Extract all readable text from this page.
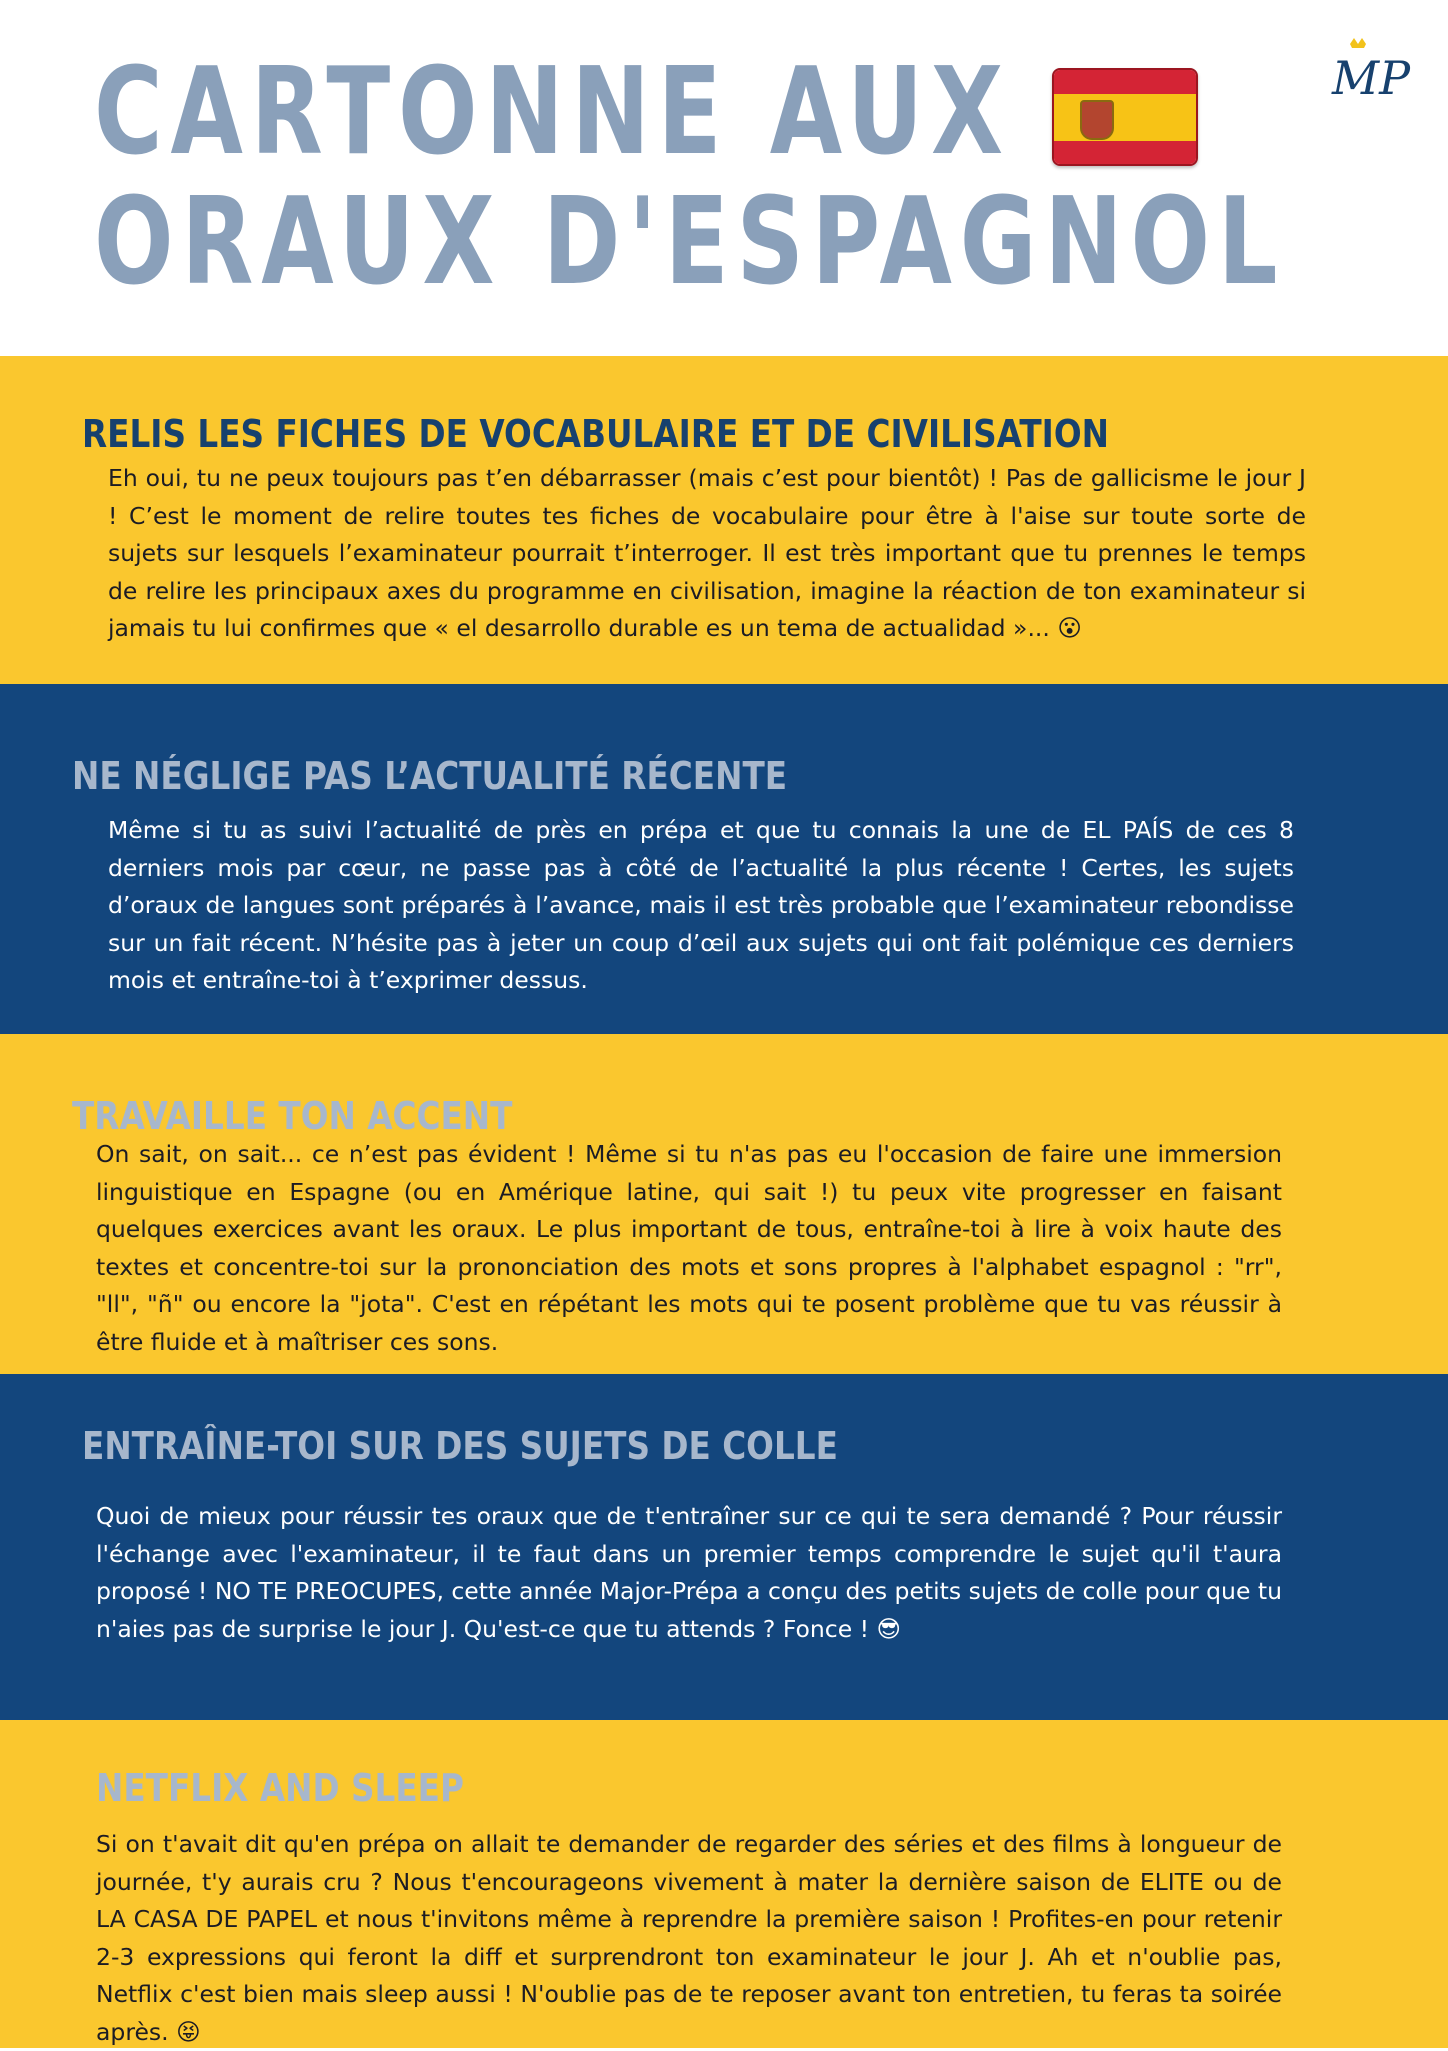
CARTONNE AUX
ORAUX D'ESPAGNOL
MP
RELIS LES FICHES DE VOCABULAIRE ET DE CIVILISATION

Eh oui, tu ne peux toujours pas t’en débarrasser (mais c’est pour bientôt) ! Pas de gallicisme le jour J ! C’est le moment de relire toutes tes fiches de vocabulaire pour être à l'aise sur toute sorte de sujets sur lesquels l’examinateur pourrait t’interroger. Il est très important que tu prennes le temps de relire les principaux axes du programme en civilisation, imagine la réaction de ton examinateur si jamais tu lui confirmes que « el desarrollo durable es un tema de actualidad »... 😮

NE NÉGLIGE PAS L’ACTUALITÉ RÉCENTE

Même si tu as suivi l’actualité de près en prépa et que tu connais la une de EL PAÍS de ces 8 derniers mois par cœur, ne passe pas à côté de l’actualité la plus récente ! Certes, les sujets d’oraux de langues sont préparés à l’avance, mais il est très probable que l’examinateur rebondisse sur un fait récent. N’hésite pas à jeter un coup d’œil aux sujets qui ont fait polémique ces derniers mois et entraîne-toi à t’exprimer dessus.

TRAVAILLE TON ACCENT

On sait, on sait... ce n’est pas évident ! Même si tu n'as pas eu l'occasion de faire une immersion linguistique en Espagne (ou en Amérique latine, qui sait !) tu peux vite progresser en faisant quelques exercices avant les oraux. Le plus important de tous, entraîne-toi à lire à voix haute des textes et concentre-toi sur la prononciation des mots et sons propres à l'alphabet espagnol : "rr", "ll", "ñ" ou encore la "jota". C'est en répétant les mots qui te posent problème que tu vas réussir à être fluide et à maîtriser ces sons.

ENTRAÎNE-TOI SUR DES SUJETS DE COLLE

Quoi de mieux pour réussir tes oraux que de t'entraîner sur ce qui te sera demandé ? Pour réussir l'échange avec l'examinateur, il te faut dans un premier temps comprendre le sujet qu'il t'aura proposé ! NO TE PREOCUPES, cette année Major-Prépa a conçu des petits sujets de colle pour que tu n'aies pas de surprise le jour J. Qu'est-ce que tu attends ? Fonce ! 😎

NETFLIX AND SLEEP

Si on t'avait dit qu'en prépa on allait te demander de regarder des séries et des films à longueur de journée, t'y aurais cru ? Nous t'encourageons vivement à mater la dernière saison de ELITE ou de LA CASA DE PAPEL et nous t'invitons même à reprendre la première saison ! Profites-en pour retenir 2-3 expressions qui feront la diff et surprendront ton examinateur le jour J. Ah et n'oublie pas, Netflix c'est bien mais sleep aussi ! N'oublie pas de te reposer avant ton entretien, tu feras ta soirée après. 😝
